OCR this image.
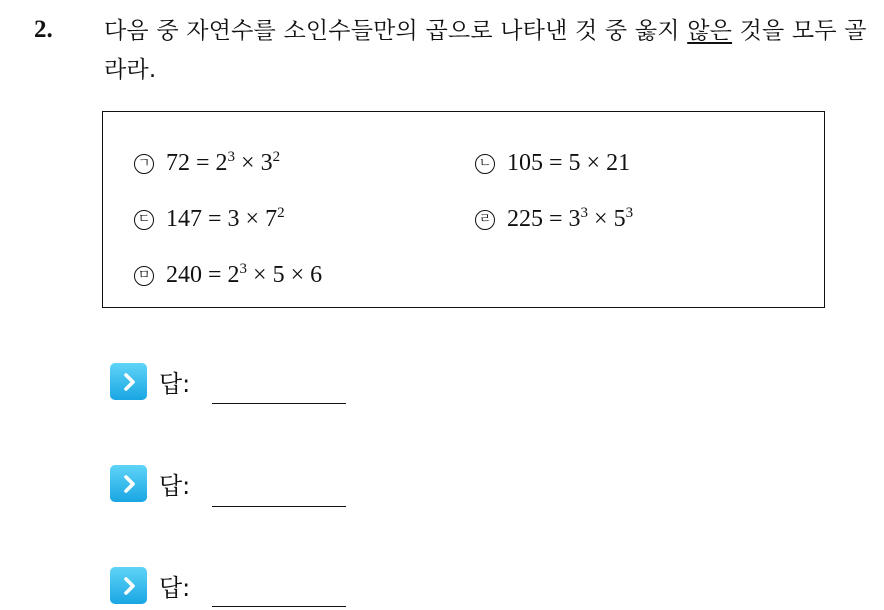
2. 다음 중 자연수를 소인수들만의 곱으로 나타낸 것 중 옳지 않은 것을 모두 골라라.
ㄱ $72 = 2^3 \times 3^2$	ㄴ 105 = 5 × 21
ㄷ $147 = 3 \times 7^2$	ㄹ $225 = 3^3 \times 5^3$
ㅁ $240 = 2^3 \times 5 \times 6$
답:
답:
답:
